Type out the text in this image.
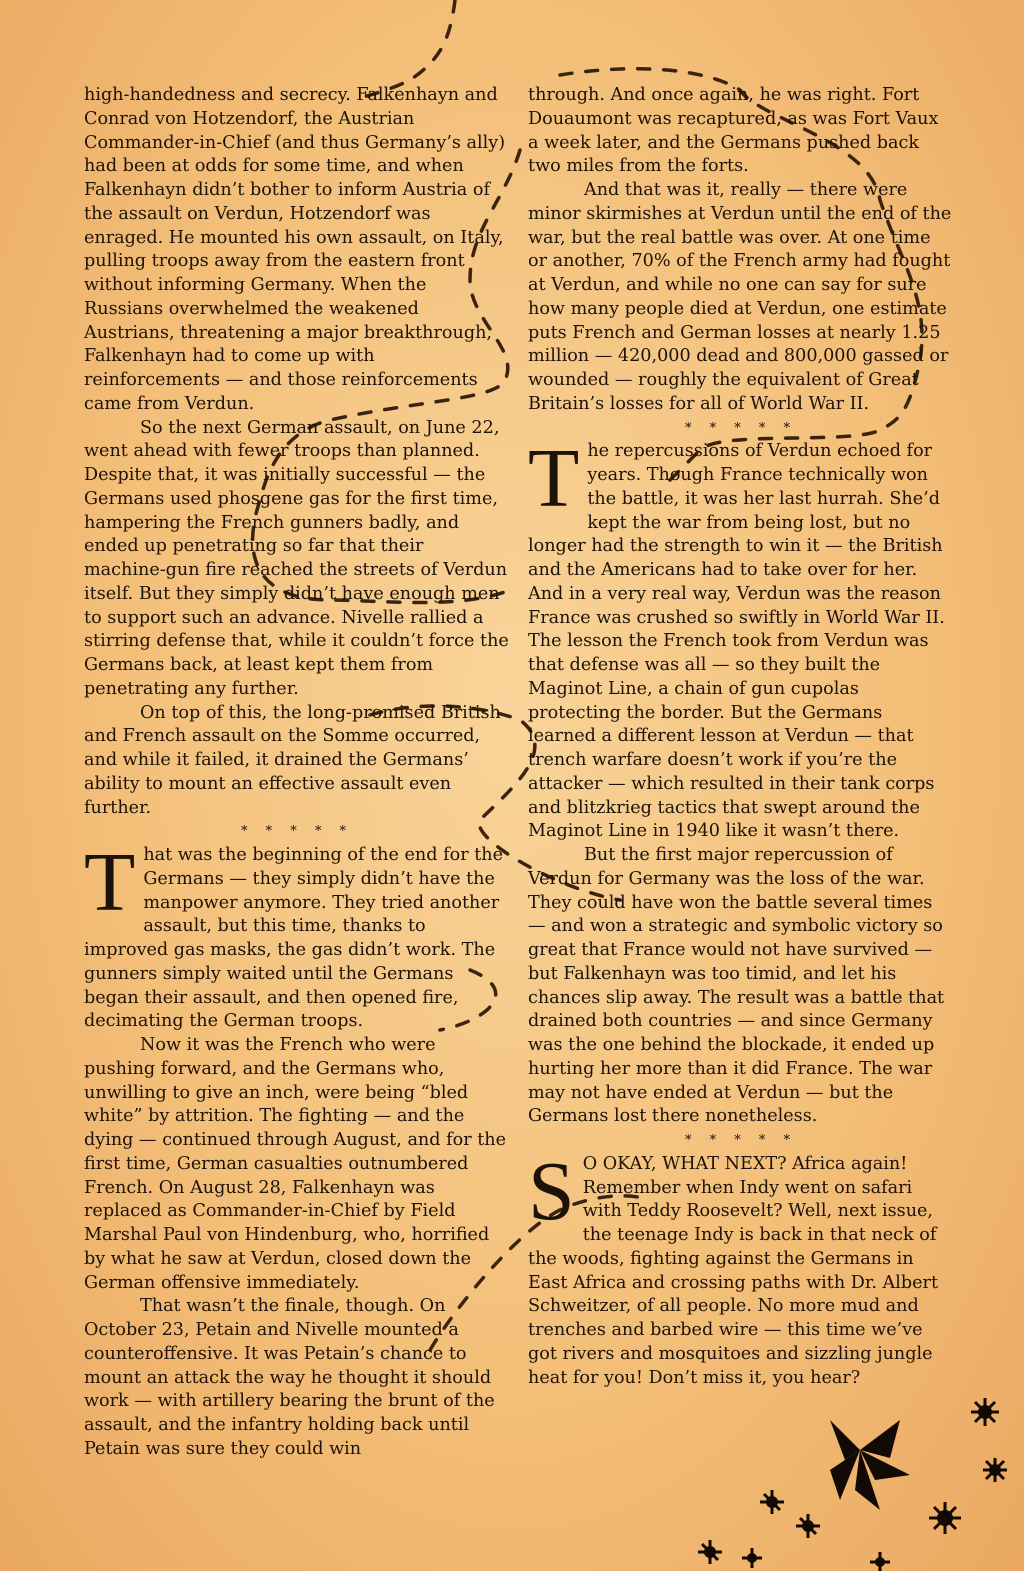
high-handedness and secrecy. Falkenhayn and Conrad von Hotzendorf, the Austrian Commander-in-Chief (and thus Germany’s ally) had been at odds for some time, and when Falkenhayn didn’t bother to inform Austria of the assault on Verdun, Hotzendorf was enraged. He mounted his own assault, on Italy, pulling troops away from the eastern front without informing Germany. When the Russians overwhelmed the weakened Austrians, threatening a major breakthrough, Falkenhayn had to come up with reinforcements — and those reinforcements came from Verdun.

So the next German assault, on June 22, went ahead with fewer troops than planned. Despite that, it was initially successful — the Germans used phosgene gas for the first time, hampering the French gunners badly, and ended up penetrating so far that their machine-gun fire reached the streets of Verdun itself. But they simply didn’t have enough men to support such an advance. Nivelle rallied a stirring defense that, while it couldn’t force the Germans back, at least kept them from penetrating any further.

On top of this, the long-promised British and French assault on the Somme occurred, and while it failed, it drained the Germans’ ability to mount an effective assault even further.

* * * * *

That was the beginning of the end for the Germans — they simply didn’t have the manpower anymore. They tried another assault, but this time, thanks to improved gas masks, the gas didn’t work. The gunners simply waited until the Germans began their assault, and then opened fire, decimating the German troops.

Now it was the French who were pushing forward, and the Germans who, unwilling to give an inch, were being “bled white” by attrition. The fighting — and the dying — continued through August, and for the first time, German casualties outnumbered French. On August 28, Falkenhayn was replaced as Commander-in-Chief by Field Marshal Paul von Hindenburg, who, horrified by what he saw at Verdun, closed down the German offensive immediately.

That wasn’t the finale, though. On October 23, Petain and Nivelle mounted a counteroffensive. It was Petain’s chance to mount an attack the way he thought it should work — with artillery bearing the brunt of the assault, and the infantry holding back until Petain was sure they could win

through. And once again, he was right. Fort Douaumont was recaptured, as was Fort Vaux a week later, and the Germans pushed back two miles from the forts.

And that was it, really — there were minor skirmishes at Verdun until the end of the war, but the real battle was over. At one time or another, 70% of the French army had fought at Verdun, and while no one can say for sure how many people died at Verdun, one estimate puts French and German losses at nearly 1.25 million — 420,000 dead and 800,000 gassed or wounded — roughly the equivalent of Great Britain’s losses for all of World War II.

* * * * *

The repercussions of Verdun echoed for years. Though France technically won the battle, it was her last hurrah. She’d kept the war from being lost, but no longer had the strength to win it — the British and the Americans had to take over for her. And in a very real way, Verdun was the reason France was crushed so swiftly in World War II. The lesson the French took from Verdun was that defense was all — so they built the Maginot Line, a chain of gun cupolas protecting the border. But the Germans learned a different lesson at Verdun — that trench warfare doesn’t work if you’re the attacker — which resulted in their tank corps and blitzkrieg tactics that swept around the Maginot Line in 1940 like it wasn’t there.

But the first major repercussion of Verdun for Germany was the loss of the war. They could have won the battle several times — and won a strategic and symbolic victory so great that France would not have survived — but Falkenhayn was too timid, and let his chances slip away. The result was a battle that drained both countries — and since Germany was the one behind the blockade, it ended up hurting her more than it did France. The war may not have ended at Verdun — but the Germans lost there nonetheless.

* * * * *

S O OKAY, WHAT NEXT? Africa again! Remember when Indy went on safari with Teddy Roosevelt? Well, next issue, the teenage Indy is back in that neck of the woods, fighting against the Germans in East Africa and crossing paths with Dr. Albert Schweitzer, of all people. No more mud and trenches and barbed wire — this time we’ve got rivers and mosquitoes and sizzling jungle heat for you! Don’t miss it, you hear?
